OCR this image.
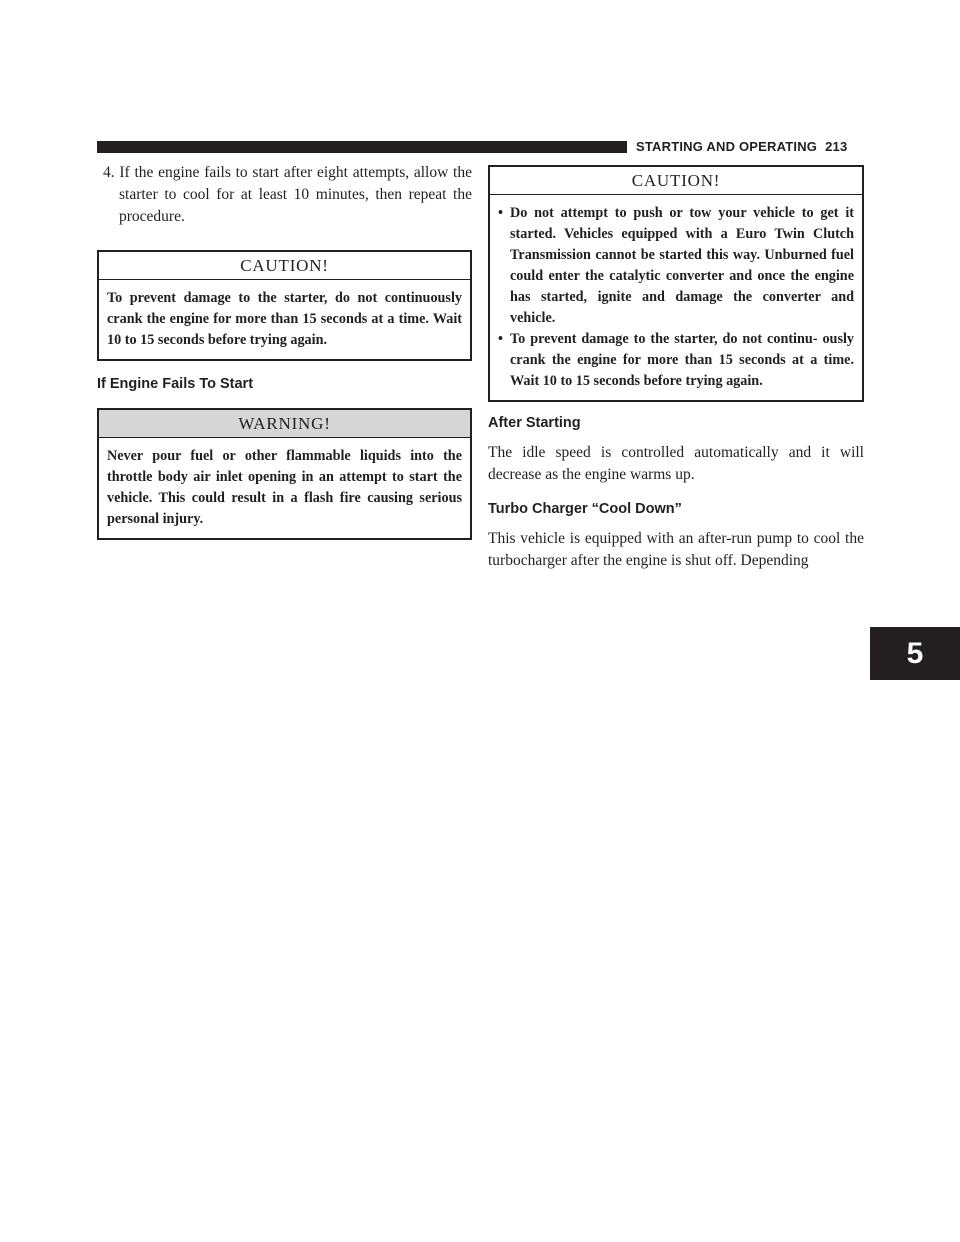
STARTING AND OPERATING 213
5

4. If the engine fails to start after eight attempts, allow the starter to cool for at least 10 minutes, then repeat the procedure.

CAUTION!
To prevent damage to the starter, do not continuously crank the engine for more than 15 seconds at a time. Wait 10 to 15 seconds before trying again.
If Engine Fails To Start
WARNING!
Never pour fuel or other flammable liquids into the throttle body air inlet opening in an attempt to start the vehicle. This could result in a flash fire causing serious personal injury.
CAUTION!
• Do not attempt to push or tow your vehicle to get it started. Vehicles equipped with a Euro Twin Clutch Transmission cannot be started this way. Unburned fuel could enter the catalytic converter and once the engine has started, ignite and damage the converter and vehicle.
• To prevent damage to the starter, do not continu- ously crank the engine for more than 15 seconds at a time. Wait 10 to 15 seconds before trying again.
After Starting

The idle speed is controlled automatically and it will decrease as the engine warms up.

Turbo Charger “Cool Down”

This vehicle is equipped with an after-run pump to cool the turbocharger after the engine is shut off. Depending
